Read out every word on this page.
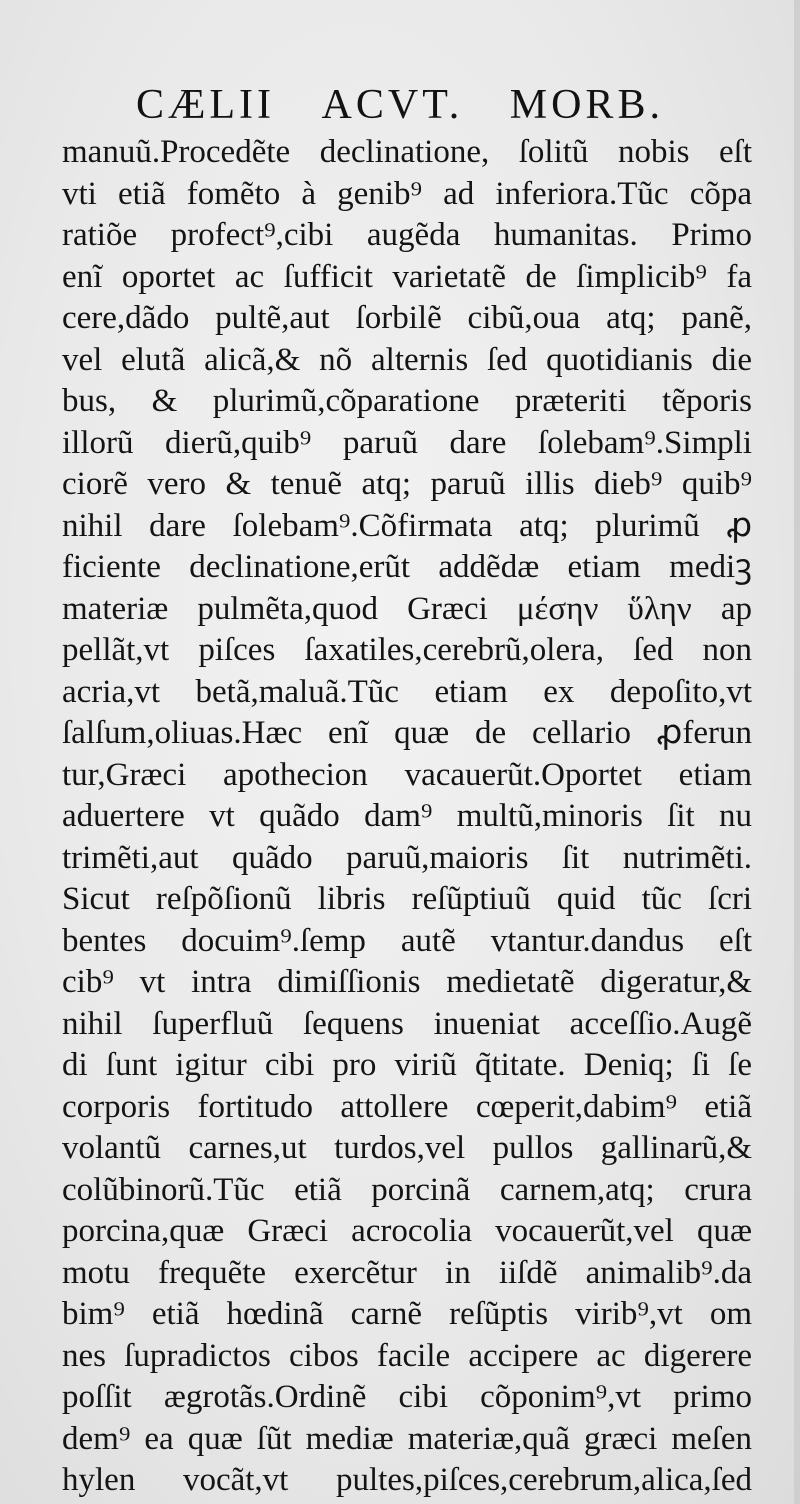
CÆLII ACVT. MORB.
manuũ.Procedẽte declinatione, ſolitũ nobis eſt
vti etiã fomẽto à genib⁹ ad inferiora.Tũc cõpa
ratiõe profect⁹,cibi augẽda humanitas. Primo
enĩ oportet ac ſufficit varietatẽ de ſimplicib⁹ fa
cere,dãdo pultẽ,aut ſorbilẽ cibũ,oua atq; panẽ,
vel elutã alicã,& nõ alternis ſed quotidianis die
bus, & plurimũ,cõparatione præteriti tẽporis
illorũ dierũ,quib⁹ paruũ dare ſolebam⁹.Simpli
ciorẽ vero & tenuẽ atq; paruũ illis dieb⁹ quib⁹
nihil dare ſolebam⁹.Cõfirmata atq; plurimũ ꝓ
ficiente declinatione,erũt addẽdæ etiam mediꝫ
materiæ pulmẽta,quod Græci μέσην ὕλην ap
pellãt,vt piſces ſaxatiles,cerebrũ,olera, ſed non
acria,vt betã,maluã.Tũc etiam ex depoſito,vt
ſalſum,oliuas.Hæc enĩ quæ de cellario ꝓferun
tur,Græci apothecion vacauerũt.Oportet etiam
aduertere vt quãdo dam⁹ multũ,minoris ſit nu
trimẽti,aut quãdo paruũ,maioris ſit nutrimẽti.
Sicut reſpõſionũ libris reſũptiuũ quid tũc ſcri
bentes docuim⁹.ſemp autẽ vtantur.dandus eſt
cib⁹ vt intra dimiſſionis medietatẽ digeratur,&
nihil ſuperfluũ ſequens inueniat acceſſio.Augẽ
di ſunt igitur cibi pro viriũ q̃titate. Deniq; ſi ſe
corporis fortitudo attollere cœperit,dabim⁹ etiã
volantũ carnes,ut turdos,vel pullos gallinarũ,&
colũbinorũ.Tũc etiã porcinã carnem,atq; crura
porcina,quæ Græci acrocolia vocauerũt,vel quæ
motu frequẽte exercẽtur in iiſdẽ animalib⁹.da
bim⁹ etiã hœdinã carnẽ reſũptis virib⁹,vt om
nes ſupradictos cibos facile accipere ac digerere
poſſit ægrotãs.Ordinẽ cibi cõponim⁹,vt primo
dem⁹ ea quæ ſũt mediæ materiæ,quã græci meſen
hylen vocãt,vt pultes,piſces,cerebrum,alica,ſed
